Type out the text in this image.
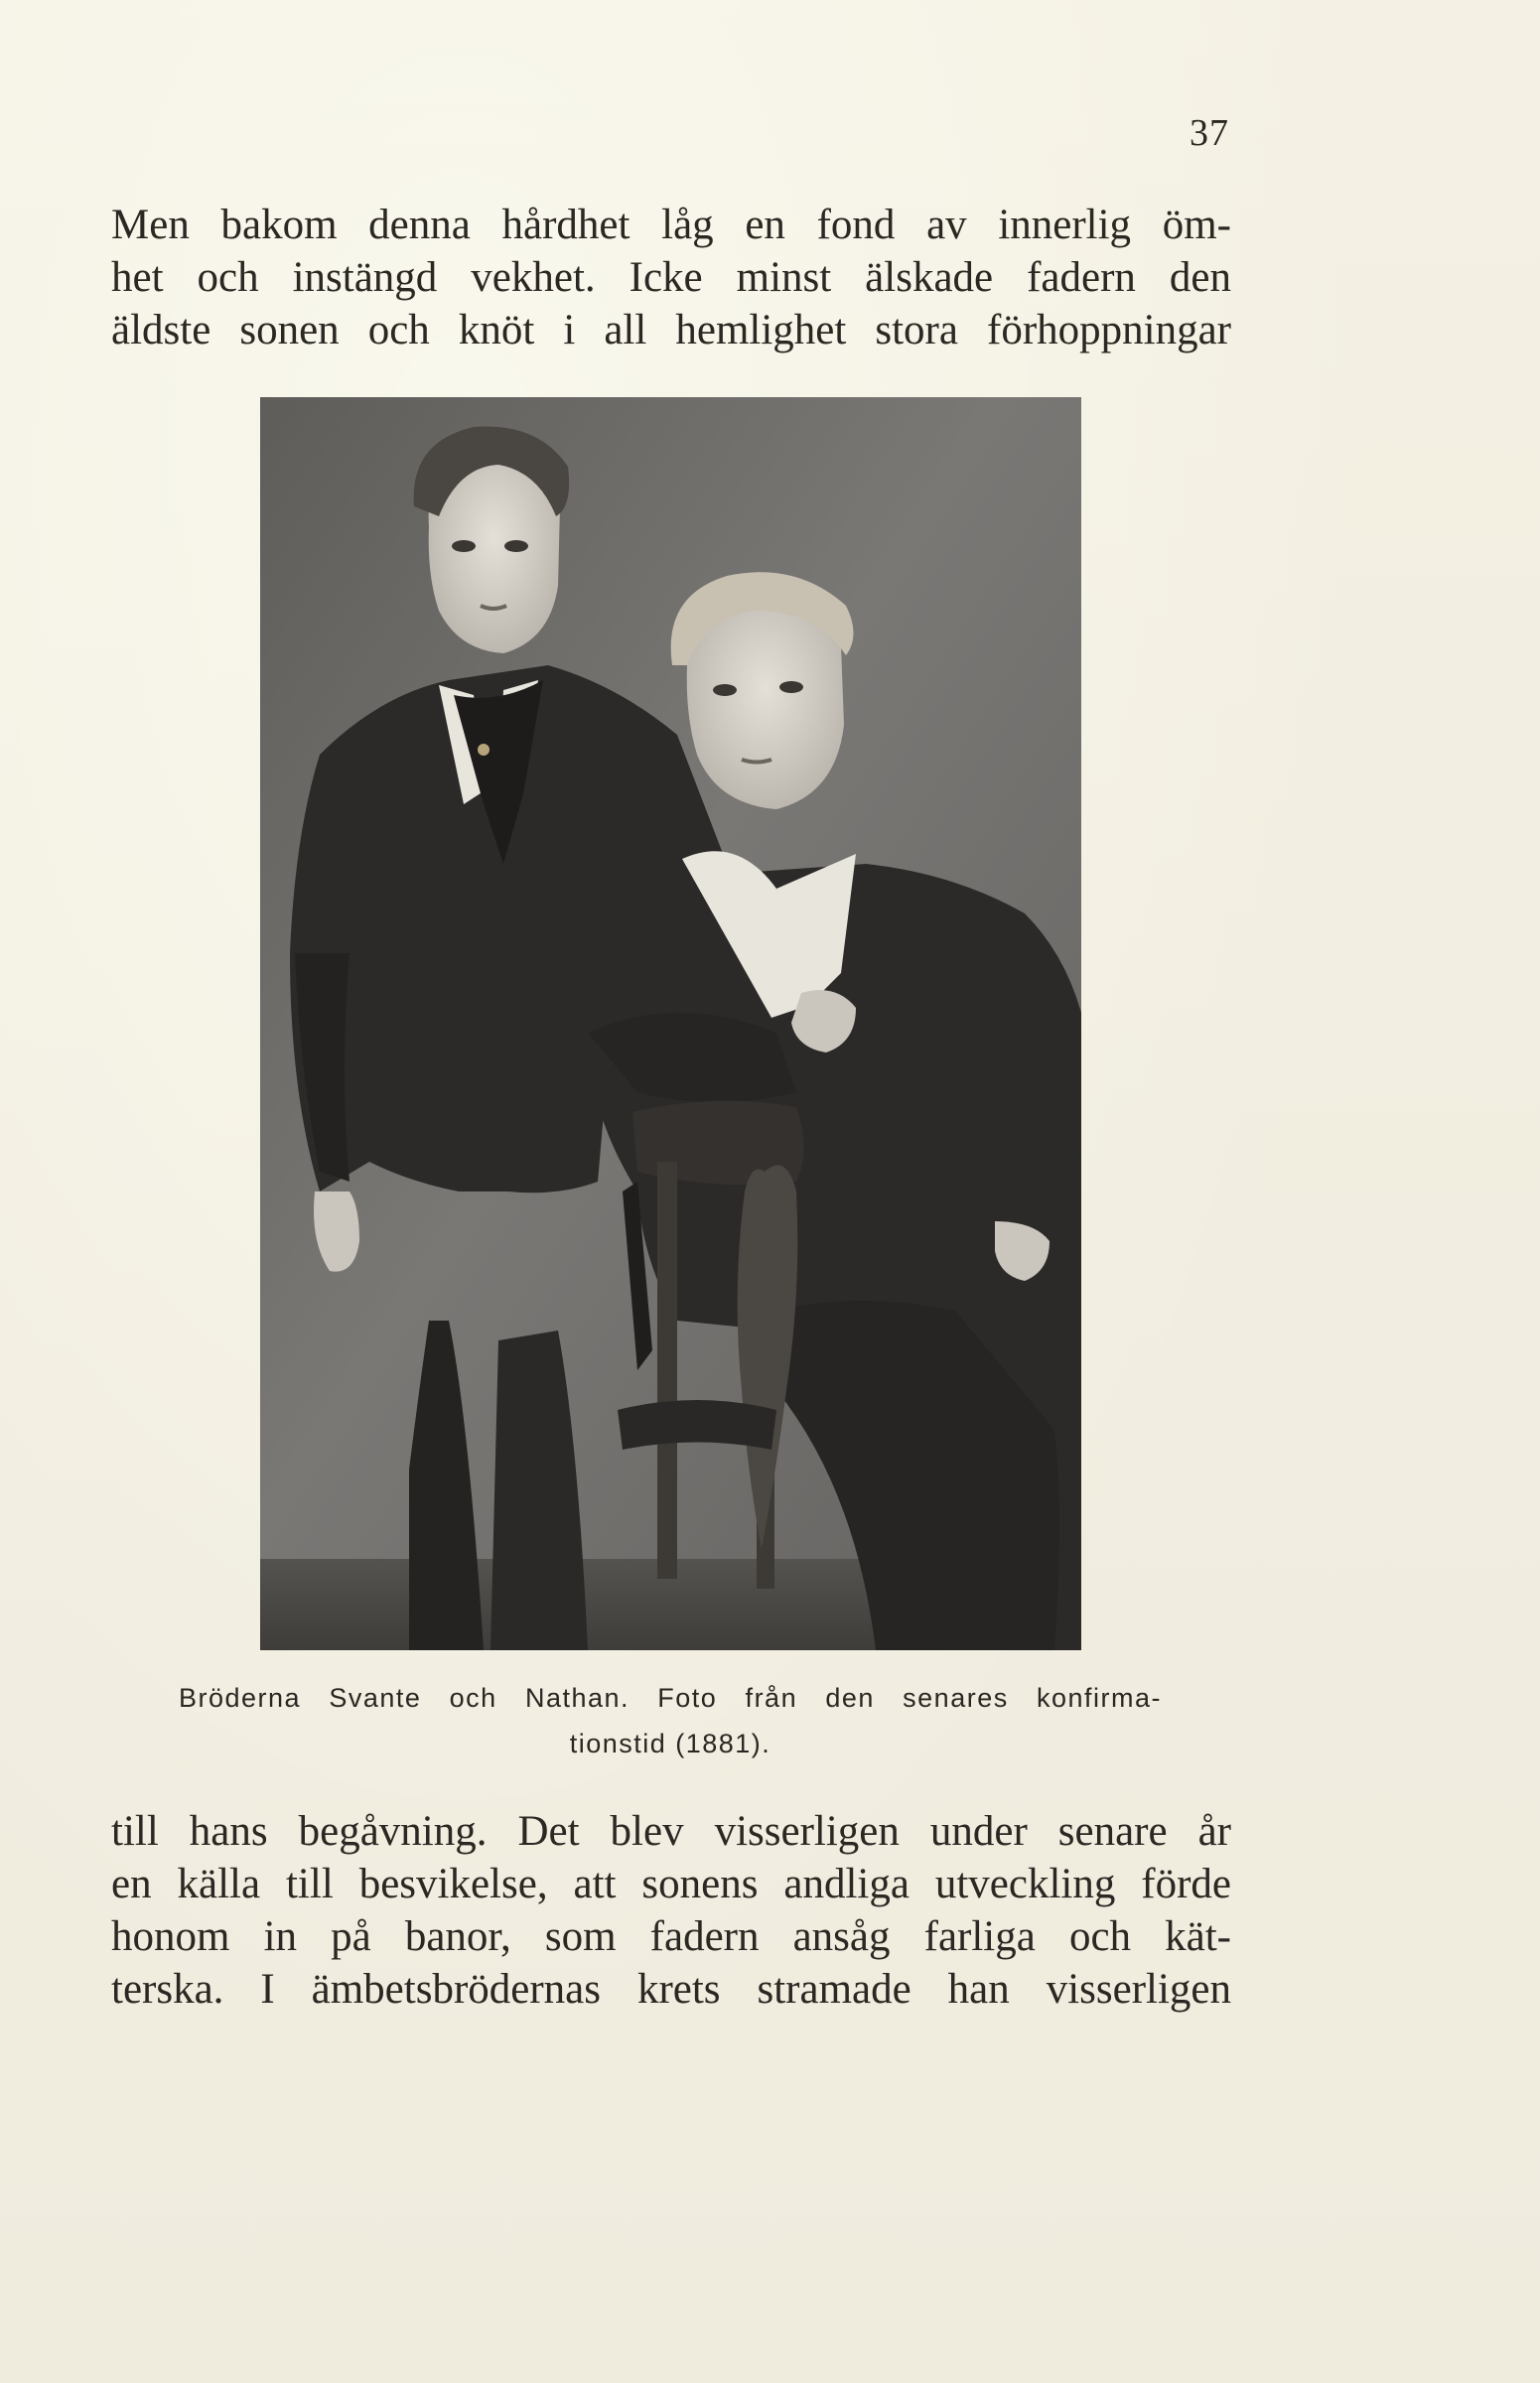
37
Men bakom denna hårdhet låg en fond av innerlig öm-
het och instängd vekhet. Icke minst älskade fadern den
äldste sonen och knöt i all hemlighet stora förhoppningar
Bröderna Svante och Nathan. Foto från den senares konfirma-
tionstid (1881).
till hans begåvning. Det blev visserligen under senare år
en källa till besvikelse, att sonens andliga utveckling förde
honom in på banor, som fadern ansåg farliga och kät-
terska. I ämbetsbrödernas krets stramade han visserligen
